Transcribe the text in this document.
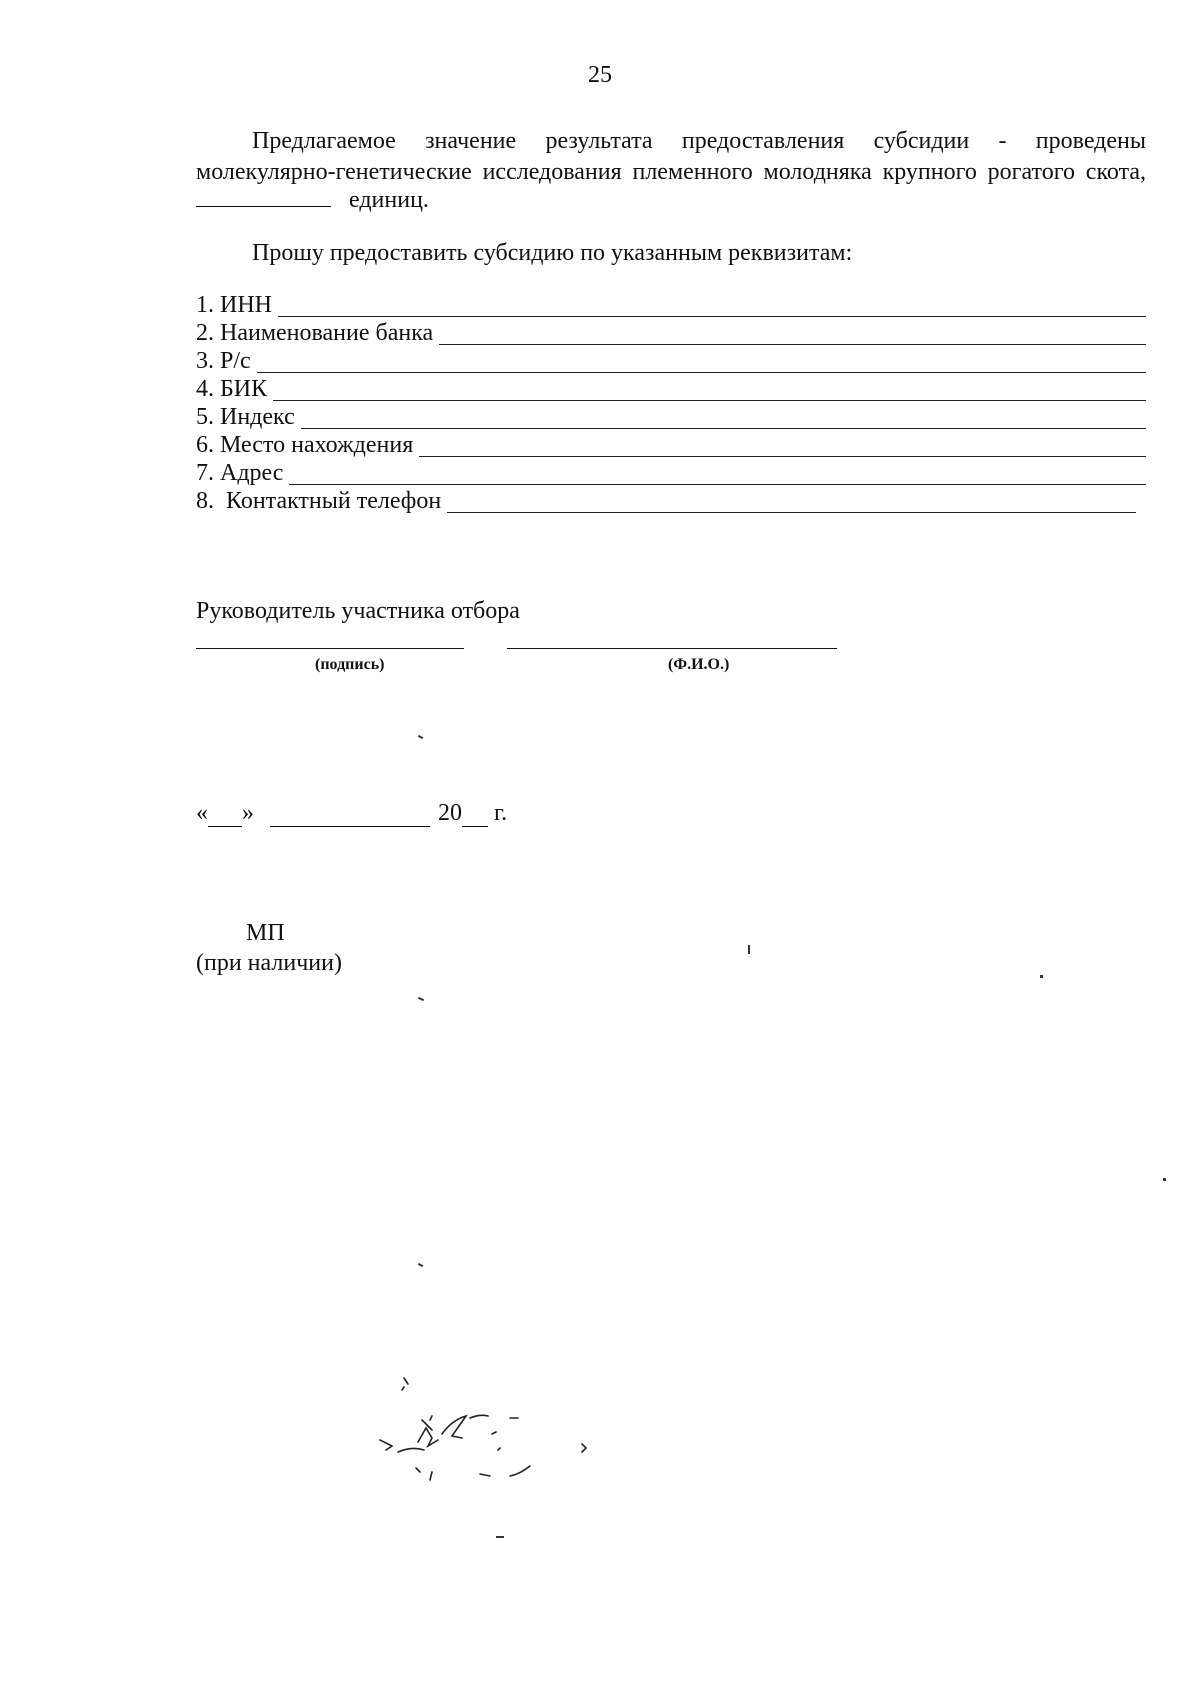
25
Предлагаемое значение результата предоставления субсидии - проведены
молекулярно-генетические исследования племенного молодняка крупного рогатого скота,
единиц.
Прошу предоставить субсидию по указанным реквизитам:
1. ИНН
2. Наименование банка
3. Р/с
4. БИК
5. Индекс
6. Место нахождения
7. Адрес
8.  Контактный телефон
Руководитель участника отбора
(подпись)	(Ф.И.О.)
« »	20 г.
МП
(при наличии)
